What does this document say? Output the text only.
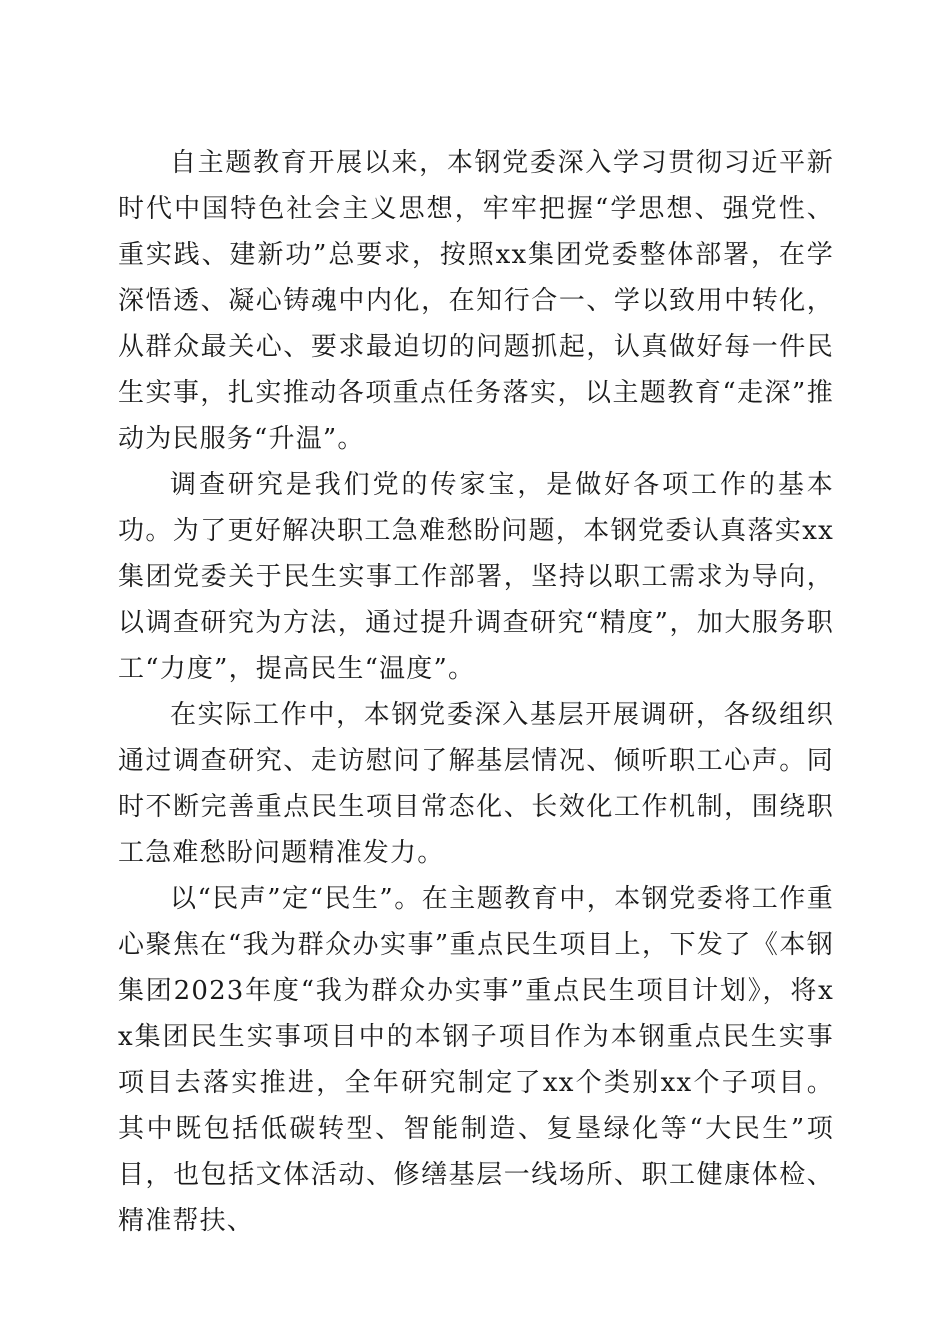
自主题教育开展以来，本钢党委深入学习贯彻习近平新时代中国特色社会主义思想，牢牢把握“学思想、强党性、重实践、建新功”总要求，按照xx集团党委整体部署，在学深悟透、凝心铸魂中内化，在知行合一、学以致用中转化，从群众最关心、要求最迫切的问题抓起，认真做好每一件民生实事，扎实推动各项重点任务落实，以主题教育“走深”推动为民服务“升温”。

调查研究是我们党的传家宝，是做好各项工作的基本功。为了更好解决职工急难愁盼问题，本钢党委认真落实xx集团党委关于民生实事工作部署，坚持以职工需求为导向，以调查研究为方法，通过提升调查研究“精度”，加大服务职工“力度”，提高民生“温度”。

在实际工作中，本钢党委深入基层开展调研，各级组织通过调查研究、走访慰问了解基层情况、倾听职工心声。同时不断完善重点民生项目常态化、长效化工作机制，围绕职工急难愁盼问题精准发力。

以“民声”定“民生”。在主题教育中，本钢党委将工作重心聚焦在“我为群众办实事”重点民生项目上，下发了《本钢集团2023年度“我为群众办实事”重点民生项目计划》，将xx集团民生实事项目中的本钢子项目作为本钢重点民生实事项目去落实推进，全年研究制定了xx个类别xx个子项目。其中既包括低碳转型、智能制造、复垦绿化等“大民生”项目，也包括文体活动、修缮基层一线场所、职工健康体检、精准帮扶、
